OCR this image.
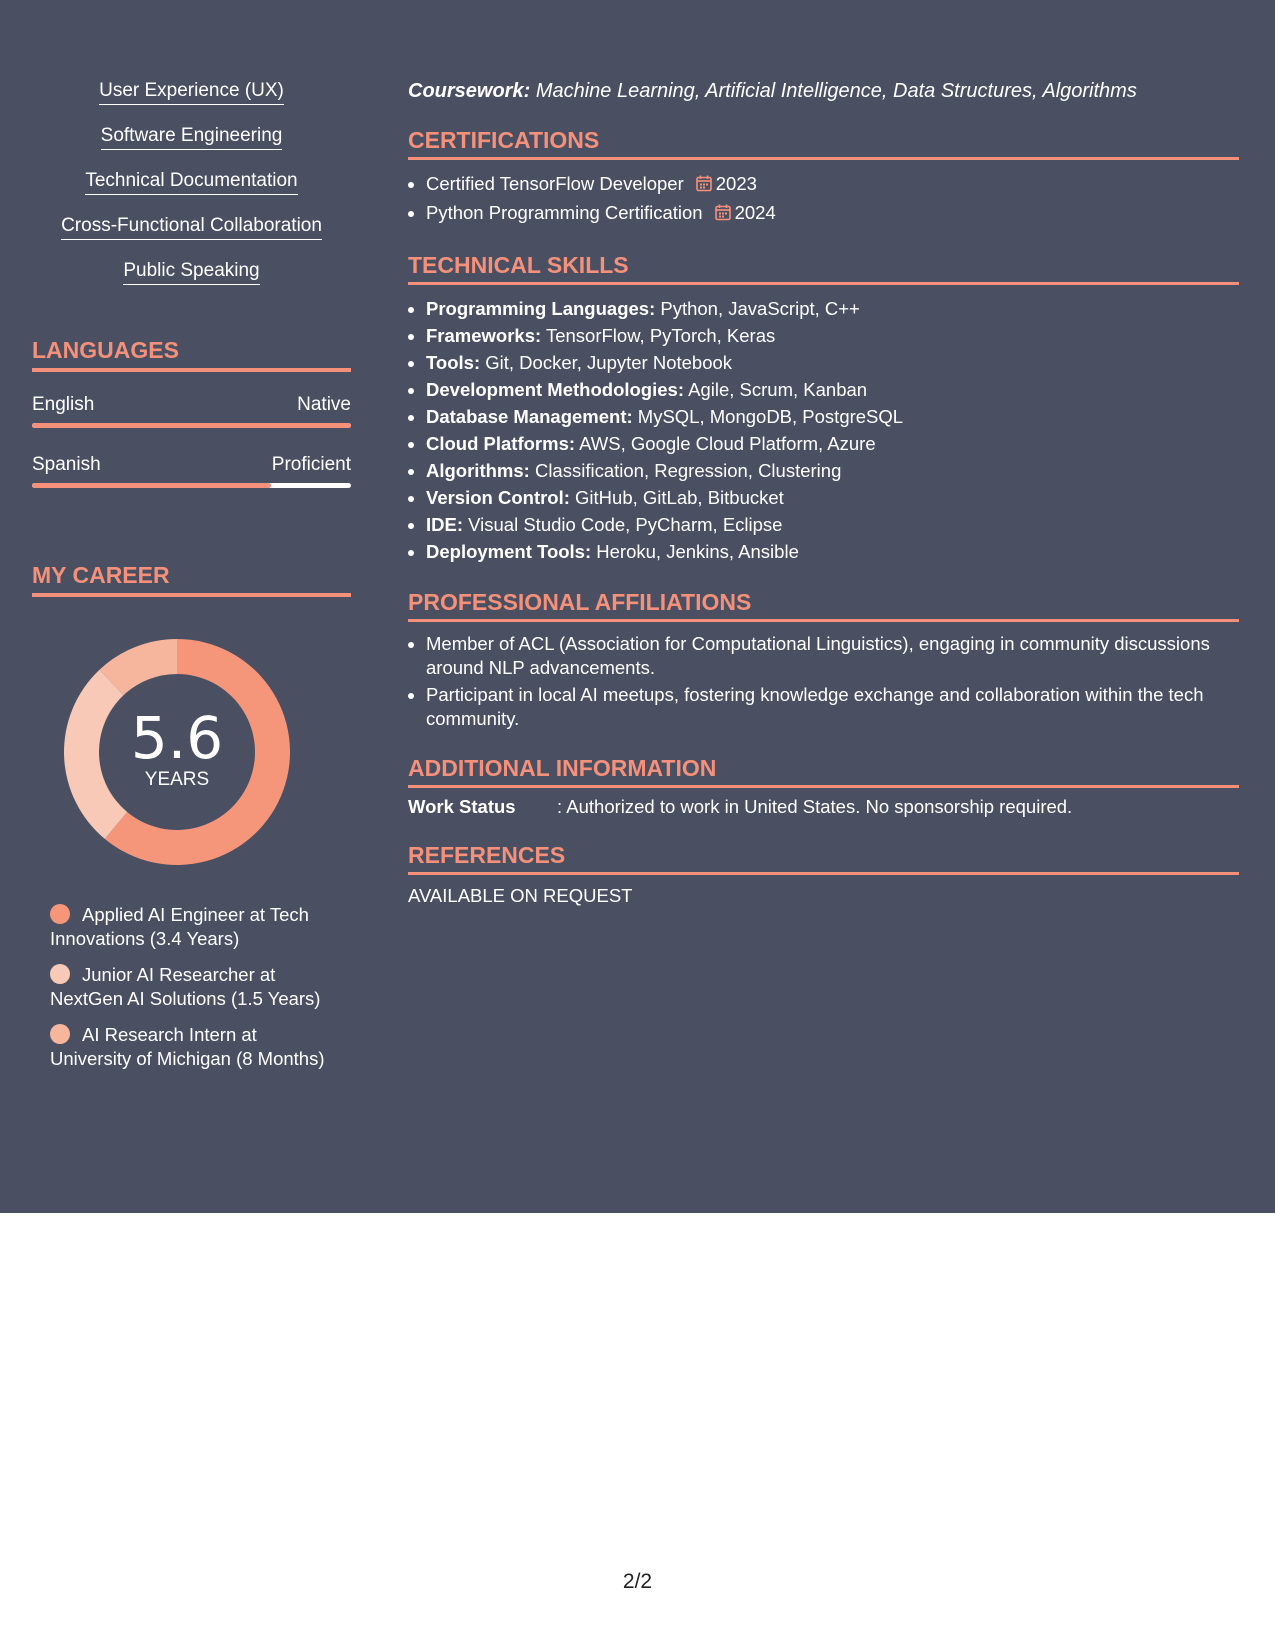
User Experience (UX)
Software Engineering
Technical Documentation
Cross-Functional Collaboration
Public Speaking
LANGUAGES
English	Native
Spanish	Proficient
MY CAREER
5.6
YEARS
Applied AI Engineer at Tech Innovations (3.4 Years)
Junior AI Researcher at NextGen AI Solutions (1.5 Years)
AI Research Intern at University of Michigan (8 Months)

Coursework: Machine Learning, Artificial Intelligence, Data Structures, Algorithms

CERTIFICATIONS
• Certified TensorFlow Developer 2023
• Python Programming Certification 2024
TECHNICAL SKILLS
• Programming Languages: Python, JavaScript, C++
• Frameworks: TensorFlow, PyTorch, Keras
• Tools: Git, Docker, Jupyter Notebook
• Development Methodologies: Agile, Scrum, Kanban
• Database Management: MySQL, MongoDB, PostgreSQL
• Cloud Platforms: AWS, Google Cloud Platform, Azure
• Algorithms: Classification, Regression, Clustering
• Version Control: GitHub, GitLab, Bitbucket
• IDE: Visual Studio Code, PyCharm, Eclipse
• Deployment Tools: Heroku, Jenkins, Ansible
PROFESSIONAL AFFILIATIONS
• Member of ACL (Association for Computational Linguistics), engaging in community discussions around NLP advancements.
• Participant in local AI meetups, fostering knowledge exchange and collaboration within the tech community.
ADDITIONAL INFORMATION
Work Status	: Authorized to work in United States. No sponsorship required.
REFERENCES
AVAILABLE ON REQUEST
2/2
